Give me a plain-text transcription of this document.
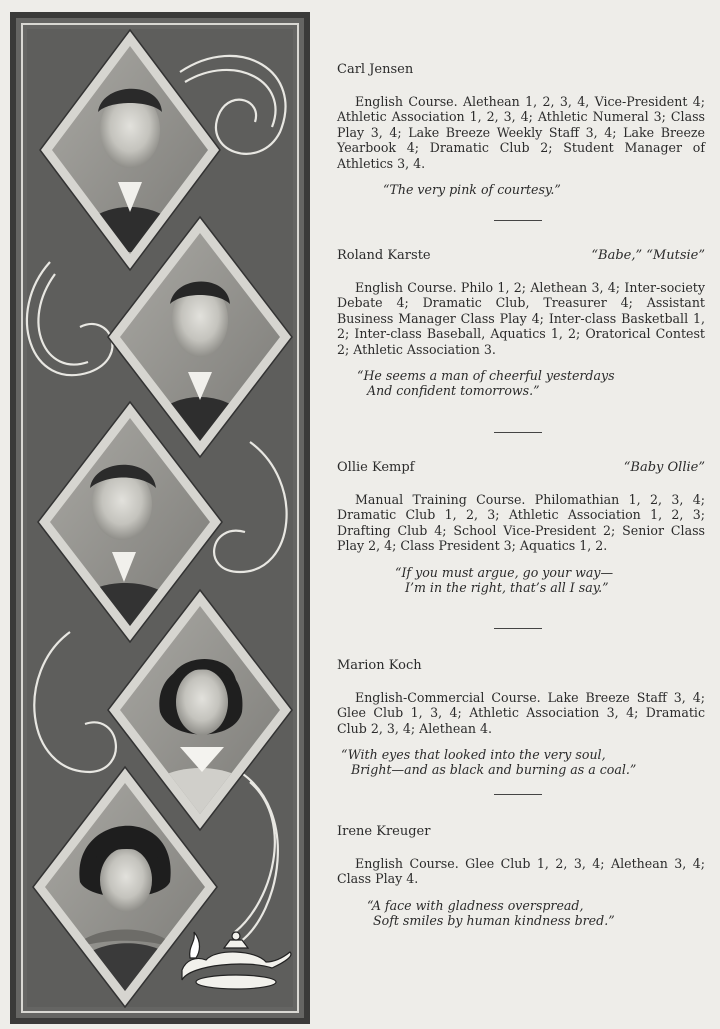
Carl Jensen
English Course. Alethean 1, 2, 3, 4, Vice-President 4; Athletic Association 1, 2, 3, 4; Athletic Numeral 3; Class Play 3, 4; Lake Breeze Weekly Staff 3, 4; Lake Breeze Yearbook 4; Dramatic Club 2; Student Manager of Athletics 3, 4.
“The very pink of courtesy.”
Roland Karste	“Babe,” “Mutsie”
English Course. Philo 1, 2; Alethean 3, 4; Inter-society Debate 4; Dramatic Club, Treasurer 4; Assistant Business Manager Class Play 4; Inter-class Basketball 1, 2; Inter-class Baseball, Aquatics 1, 2; Oratorical Contest 2; Athletic Association 3.
“He seems a man of cheerful yesterdays
And confident tomorrows.”
Ollie Kempf	“Baby Ollie”
Manual Training Course. Philomathian 1, 2, 3, 4; Dramatic Club 1, 2, 3; Athletic Association 1, 2, 3; Drafting Club 4; School Vice-President 2; Senior Class Play 2, 4; Class President 3; Aquatics 1, 2.
“If you must argue, go your way—
I’m in the right, that’s all I say.”
Marion Koch
English-Commercial Course. Lake Breeze Staff 3, 4; Glee Club 1, 3, 4; Athletic Association 3, 4; Dramatic Club 2, 3, 4; Alethean 4.
“With eyes that looked into the very soul,
Bright—and as black and burning as a coal.”
Irene Kreuger
English Course. Glee Club 1, 2, 3, 4; Alethean 3, 4; Class Play 4.
“A face with gladness overspread,
Soft smiles by human kindness bred.”
